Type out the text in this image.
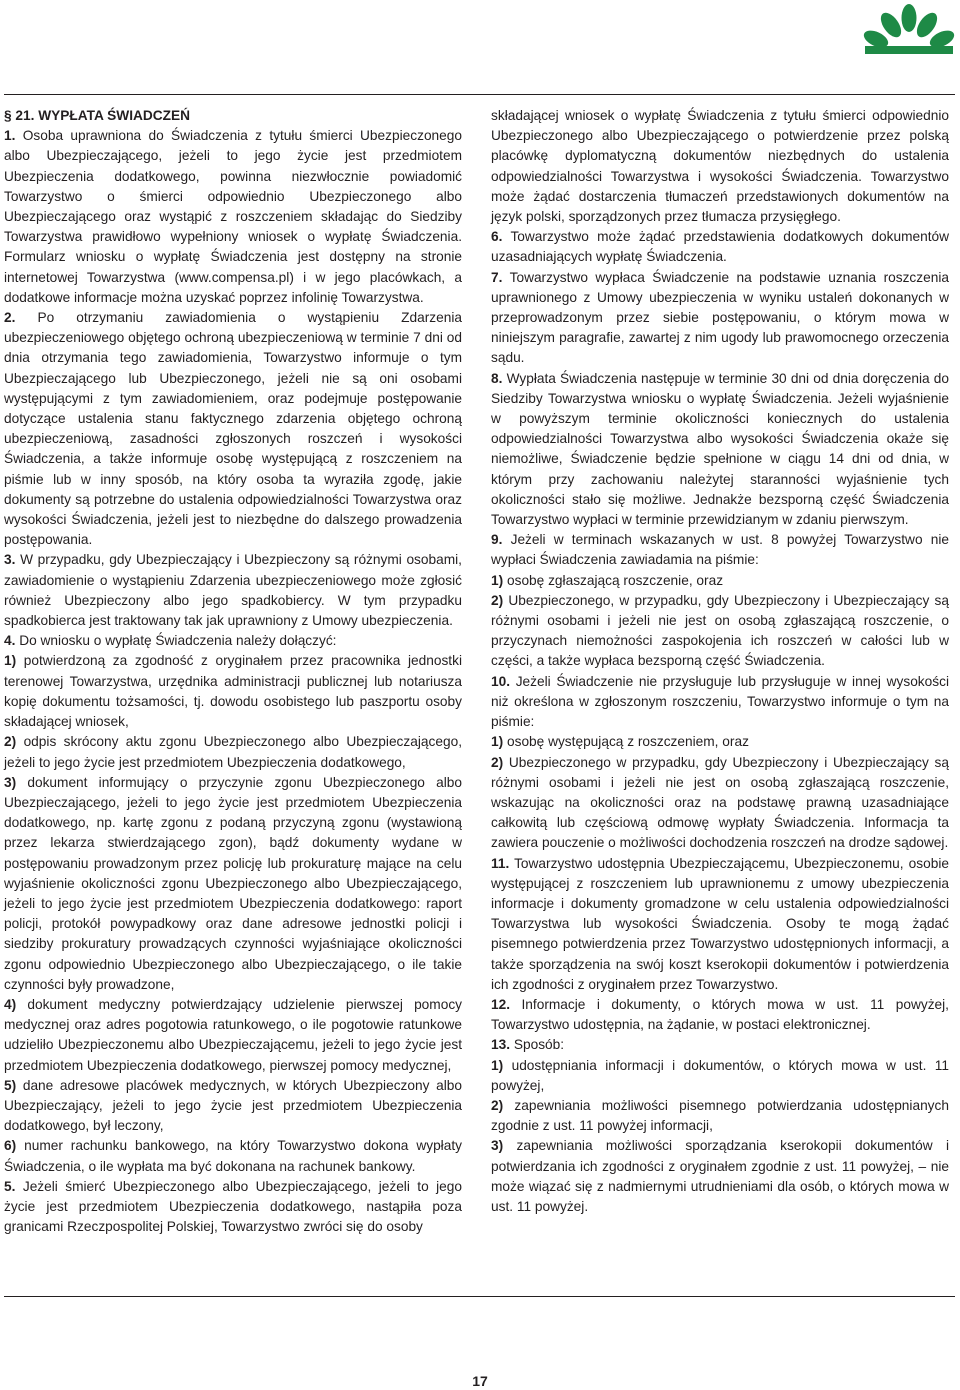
§ 21. WYPŁATA ŚWIADCZEŃ

1. Osoba uprawniona do Świadczenia z tytułu śmierci Ubezpieczonego albo Ubezpieczającego, jeżeli to jego życie jest przedmiotem Ubezpieczenia dodatkowego, powinna niezwłocznie powiadomić Towarzystwo o śmierci odpowiednio Ubezpieczonego albo Ubezpieczającego oraz wystąpić z roszczeniem składając do Siedziby Towarzystwa prawidłowo wypełniony wniosek o wypłatę Świadczenia. Formularz wniosku o wypłatę Świadczenia jest dostępny na stronie internetowej Towarzystwa (www.compensa.pl) i w jego placówkach, a dodatkowe informacje można uzyskać poprzez infolinię Towarzystwa.

2. Po otrzymaniu zawiadomienia o wystąpieniu Zdarzenia ubezpieczeniowego objętego ochroną ubezpieczeniową w terminie 7 dni od dnia otrzymania tego zawiadomienia, Towarzystwo informuje o tym Ubezpieczającego lub Ubezpieczonego, jeżeli nie są oni osobami występującymi z tym zawiadomieniem, oraz podejmuje postępowanie dotyczące ustalenia stanu faktycznego zdarzenia objętego ochroną ubezpieczeniową, zasadności zgłoszonych roszczeń i wysokości Świadczenia, a także informuje osobę występującą z roszczeniem na piśmie lub w inny sposób, na który osoba ta wyraziła zgodę, jakie dokumenty są potrzebne do ustalenia odpowiedzialności Towarzystwa oraz wysokości Świadczenia, jeżeli jest to niezbędne do dalszego prowadzenia postępowania.

3. W przypadku, gdy Ubezpieczający i Ubezpieczony są różnymi osobami, zawiadomienie o wystąpieniu Zdarzenia ubezpieczeniowego może zgłosić również Ubezpieczony albo jego spadkobiercy. W tym przypadku spadkobierca jest traktowany tak jak uprawniony z Umowy ubezpieczenia.

4. Do wniosku o wypłatę Świadczenia należy dołączyć:

1) potwierdzoną za zgodność z oryginałem przez pracownika jednostki terenowej Towarzystwa, urzędnika administracji publicznej lub notariusza kopię dokumentu tożsamości, tj. dowodu osobistego lub paszportu osoby składającej wniosek,

2) odpis skrócony aktu zgonu Ubezpieczonego albo Ubezpieczającego, jeżeli to jego życie jest przedmiotem Ubezpieczenia dodatkowego,

3) dokument informujący o przyczynie zgonu Ubezpieczonego albo Ubezpieczającego, jeżeli to jego życie jest przedmiotem Ubezpieczenia dodatkowego, np. kartę zgonu z podaną przyczyną zgonu (wystawioną przez lekarza stwierdzającego zgon), bądź dokumenty wydane w postępowaniu prowadzonym przez policję lub prokuraturę mające na celu wyjaśnienie okoliczności zgonu Ubezpieczonego albo Ubezpieczającego, jeżeli to jego życie jest przedmiotem Ubezpieczenia dodatkowego: raport policji, protokół powypadkowy oraz dane adresowe jednostki policji i siedziby prokuratury prowadzących czynności wyjaśniające okoliczności zgonu odpowiednio Ubezpieczonego albo Ubezpieczającego, o ile takie czynności były prowadzone,

4) dokument medyczny potwierdzający udzielenie pierwszej pomocy medycznej oraz adres pogotowia ratunkowego, o ile pogotowie ratunkowe udzieliło Ubezpieczonemu albo Ubezpieczającemu, jeżeli to jego życie jest przedmiotem Ubezpieczenia dodatkowego, pierwszej pomocy medycznej,

5) dane adresowe placówek medycznych, w których Ubezpieczony albo Ubezpieczający, jeżeli to jego życie jest przedmiotem Ubezpieczenia dodatkowego, był leczony,

6) numer rachunku bankowego, na który Towarzystwo dokona wypłaty Świadczenia, o ile wypłata ma być dokonana na rachunek bankowy.

5. Jeżeli śmierć Ubezpieczonego albo Ubezpieczającego, jeżeli to jego życie jest przedmiotem Ubezpieczenia dodatkowego, nastąpiła poza granicami Rzeczpospolitej Polskiej, Towarzystwo zwróci się do osoby

składającej wniosek o wypłatę Świadczenia z tytułu śmierci odpowiednio Ubezpieczonego albo Ubezpieczającego o potwierdzenie przez polską placówkę dyplomatyczną dokumentów niezbędnych do ustalenia odpowiedzialności Towarzystwa i wysokości Świadczenia. Towarzystwo może żądać dostarczenia tłumaczeń przedstawionych dokumentów na język polski, sporządzonych przez tłumacza przysięgłego.

6. Towarzystwo może żądać przedstawienia dodatkowych dokumentów uzasadniających wypłatę Świadczenia.

7. Towarzystwo wypłaca Świadczenie na podstawie uznania roszczenia uprawnionego z Umowy ubezpieczenia w wyniku ustaleń dokonanych w przeprowadzonym przez siebie postępowaniu, o którym mowa w niniejszym paragrafie, zawartej z nim ugody lub prawomocnego orzeczenia sądu.

8. Wypłata Świadczenia następuje w terminie 30 dni od dnia doręczenia do Siedziby Towarzystwa wniosku o wypłatę Świadczenia. Jeżeli wyjaśnienie w powyższym terminie okoliczności koniecznych do ustalenia odpowiedzialności Towarzystwa albo wysokości Świadczenia okaże się niemożliwe, Świadczenie będzie spełnione w ciągu 14 dni od dnia, w którym przy zachowaniu należytej staranności wyjaśnienie tych okoliczności stało się możliwe. Jednakże bezsporną część Świadczenia Towarzystwo wypłaci w terminie przewidzianym w zdaniu pierwszym.

9. Jeżeli w terminach wskazanych w ust. 8 powyżej Towarzystwo nie wypłaci Świadczenia zawiadamia na piśmie:

1) osobę zgłaszającą roszczenie, oraz

2) Ubezpieczonego, w przypadku, gdy Ubezpieczony i Ubezpieczający są różnymi osobami i jeżeli nie jest on osobą zgłaszającą roszczenie, o przyczynach niemożności zaspokojenia ich roszczeń w całości lub w części, a także wypłaca bezsporną część Świadczenia.

10. Jeżeli Świadczenie nie przysługuje lub przysługuje w innej wysokości niż określona w zgłoszonym roszczeniu, Towarzystwo informuje o tym na piśmie:

1) osobę występującą z roszczeniem, oraz

2) Ubezpieczonego w przypadku, gdy Ubezpieczony i Ubezpieczający są różnymi osobami i jeżeli nie jest on osobą zgłaszającą roszczenie, wskazując na okoliczności oraz na podstawę prawną uzasadniające całkowitą lub częściową odmowę wypłaty Świadczenia. Informacja ta zawiera pouczenie o możliwości dochodzenia roszczeń na drodze sądowej.

11. Towarzystwo udostępnia Ubezpieczającemu, Ubezpieczonemu, osobie występującej z roszczeniem lub uprawnionemu z umowy ubezpieczenia informacje i dokumenty gromadzone w celu ustalenia odpowiedzialności Towarzystwa lub wysokości Świadczenia. Osoby te mogą żądać pisemnego potwierdzenia przez Towarzystwo udostępnionych informacji, a także sporządzenia na swój koszt kserokopii dokumentów i potwierdzenia ich zgodności z oryginałem przez Towarzystwo.

12. Informacje i dokumenty, o których mowa w ust. 11 powyżej, Towarzystwo udostępnia, na żądanie, w postaci elektronicznej.

13. Sposób:

1) udostępniania informacji i dokumentów, o których mowa w ust. 11 powyżej,

2) zapewniania możliwości pisemnego potwierdzania udostępnianych zgodnie z ust. 11 powyżej informacji,

3) zapewniania możliwości sporządzania kserokopii dokumentów i potwierdzania ich zgodności z oryginałem zgodnie z ust. 11 powyżej, – nie może wiązać się z nadmiernymi utrudnieniami dla osób, o których mowa w ust. 11 powyżej.

17
